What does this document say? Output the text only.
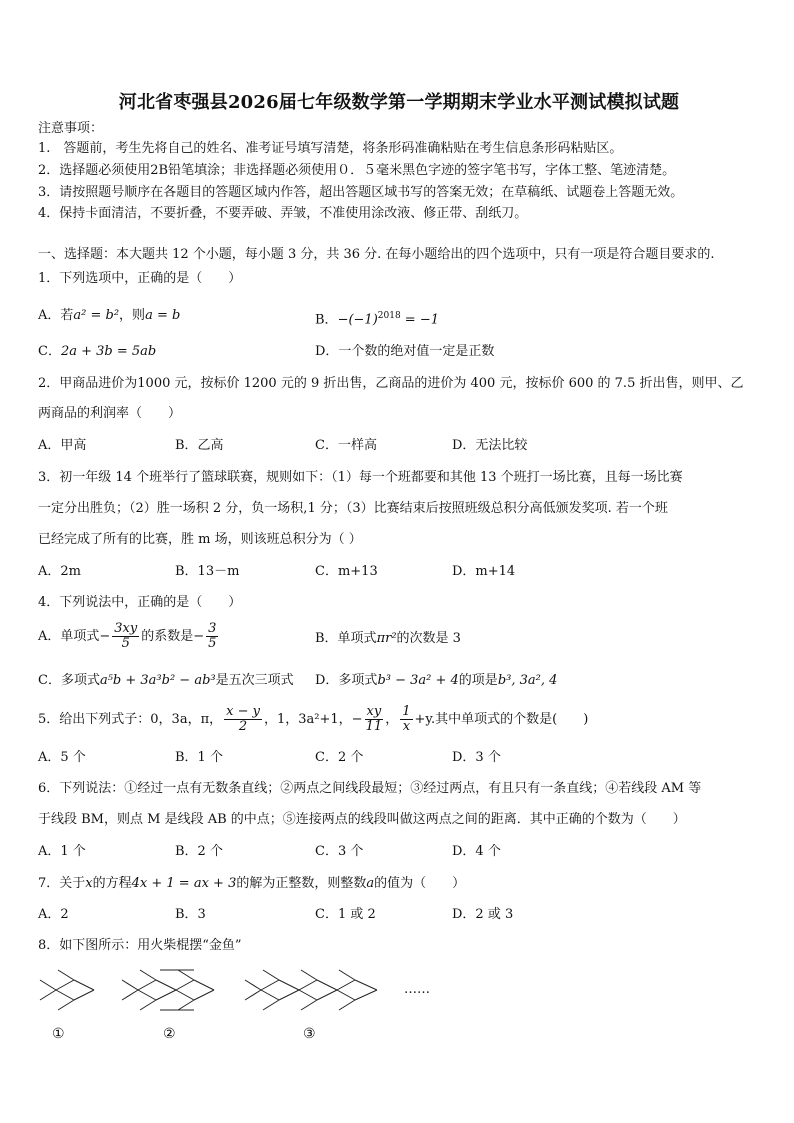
河北省枣强县2026届七年级数学第一学期期末学业水平测试模拟试题
注意事项：
1.　答题前，考生先将自己的姓名、准考证号填写清楚，将条形码准确粘贴在考生信息条形码粘贴区。
2．选择题必须使用2B铅笔填涂；非选择题必须使用０．５毫米黑色字迹的签字笔书写，字体工整、笔迹清楚。
3．请按照题号顺序在各题目的答题区域内作答，超出答题区域书写的答案无效；在草稿纸、试题卷上答题无效。
4．保持卡面清洁，不要折叠，不要弄破、弄皱，不准使用涂改液、修正带、刮纸刀。
一、选择题：本大题共 12 个小题，每小题 3 分，共 36 分. 在每小题给出的四个选项中，只有一项是符合题目要求的.
1．下列选项中，正确的是（　　）
A．若a² = b²，则a = b	B．$-(-1)^{2018} = -1$
C．2a + 3b = 5ab	D．一个数的绝对值一定是正数
2．甲商品进价为1000 元，按标价 1200 元的 9 折出售，乙商品的进价为 400 元，按标价 600 的 7.5 折出售，则甲、乙
两商品的利润率（　　）
A．甲高	B．乙高	C．一样高	D．无法比较
3．初一年级 14 个班举行了篮球联赛，规则如下：（1）每一个班都要和其他 13 个班打一场比赛，且每一场比赛
一定分出胜负；（2）胜一场积 2 分，负一场积,1 分；（3）比赛结束后按照班级总积分高低颁发奖项. 若一个班
已经完成了所有的比赛，胜 m 场，则该班总积分为（ ）
A．2m	B．13－m	C．m+13	D．m+14
4．下列说法中，正确的是（　　）
A．单项式− $\frac{3xy}{5}$ 的系数是− $\frac{3}{5}$	B．单项式πr²的次数是 3
C．多项式a⁵b + 3a³b² − ab³是五次三项式 D．多项式b³ − 3a² + 4的项是b³, 3a², 4
5．给出下列式子：0，3a，π， $\frac{x - y}{2}$ ，1，3a²+1，− $\frac{xy}{11}$ ， $\frac{1}{x} +y$.其中单项式的个数是(　　)
A．5 个	B．1 个	C．2 个	D．3 个
6．下列说法：①经过一点有无数条直线；②两点之间线段最短；③经过两点，有且只有一条直线；④若线段 AM 等
于线段 BM，则点 M 是线段 AB 的中点；⑤连接两点的线段叫做这两点之间的距离．其中正确的个数为（　　）
A．1 个	B．2 个	C．3 个	D．4 个
7．关于x的方程4x + 1 = ax + 3的解为正整数，则整数a的值为（　　）
A．2	B．3	C．1 或 2	D．2 或 3
8．如下图所示：用火柴棍摆“金鱼”
……
①	②	③
